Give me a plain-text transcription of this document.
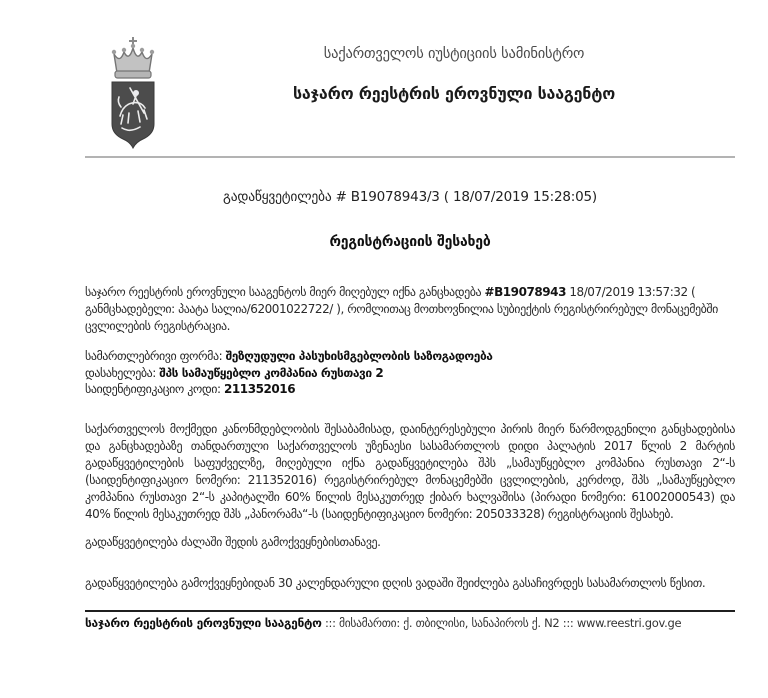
საქართველოს იუსტიციის სამინისტრო
საჯარო რეესტრის ეროვნული სააგენტო
გადაწყვეტილება # B19078943/3 ( 18/07/2019 15:28:05)
რეგისტრაციის შესახებ

საჯარო რეესტრის ეროვნული სააგენტოს მიერ მიღებულ იქნა განცხადება #B19078943 18/07/2019 13:57:32 ( განმცხადებელი: პაატა სალია/62001022722/ ), რომლითაც მოთხოვნილია სუბიექტის რეგისტრირებულ მონაცემებში ცვლილების რეგისტრაცია.

სამართლებრივი ფორმა: შეზღუდული პასუხისმგებლობის საზოგადოება
დასახელება: შპს სამაუწყებლო კომპანია რუსთავი 2
საიდენტიფიკაციო კოდი: 211352016

საქართველოს მოქმედი კანონმდებლობის შესაბამისად, დაინტერესებული პირის მიერ წარმოდგენილი განცხადებისა და განცხადებაზე თანდართული საქართველოს უზენაესი სასამართლოს დიდი პალატის 2017 წლის 2 მარტის გადაწყვეტილების საფუძველზე, მიღებული იქნა გადაწყვეტილება შპს „სამაუწყებლო კომპანია რუსთავი 2“-ს (საიდენტიფიკაციო ნომერი: 211352016) რეგისტრირებულ მონაცემებში ცვლილების, კერძოდ, შპს „სამაუწყებლო კომპანია რუსთავი 2“-ს კაპიტალში 60% წილის მესაკუთრედ ქიბარ ხალვაშისა (პირადი ნომერი: 61002000543) და 40% წილის მესაკუთრედ შპს „პანორამა“-ს (საიდენტიფიკაციო ნომერი: 205033328) რეგისტრაციის შესახებ.

გადაწყვეტილება ძალაში შედის გამოქვეყნებისთანავე.

გადაწყვეტილება გამოქვეყნებიდან 30 კალენდარული დღის ვადაში შეიძლება გასაჩივრდეს სასამართლოს წესით.

საჯარო რეესტრის ეროვნული სააგენტო ::: მისამართი: ქ. თბილისი, სანაპიროს ქ. N2 ::: www.reestri.gov.ge
